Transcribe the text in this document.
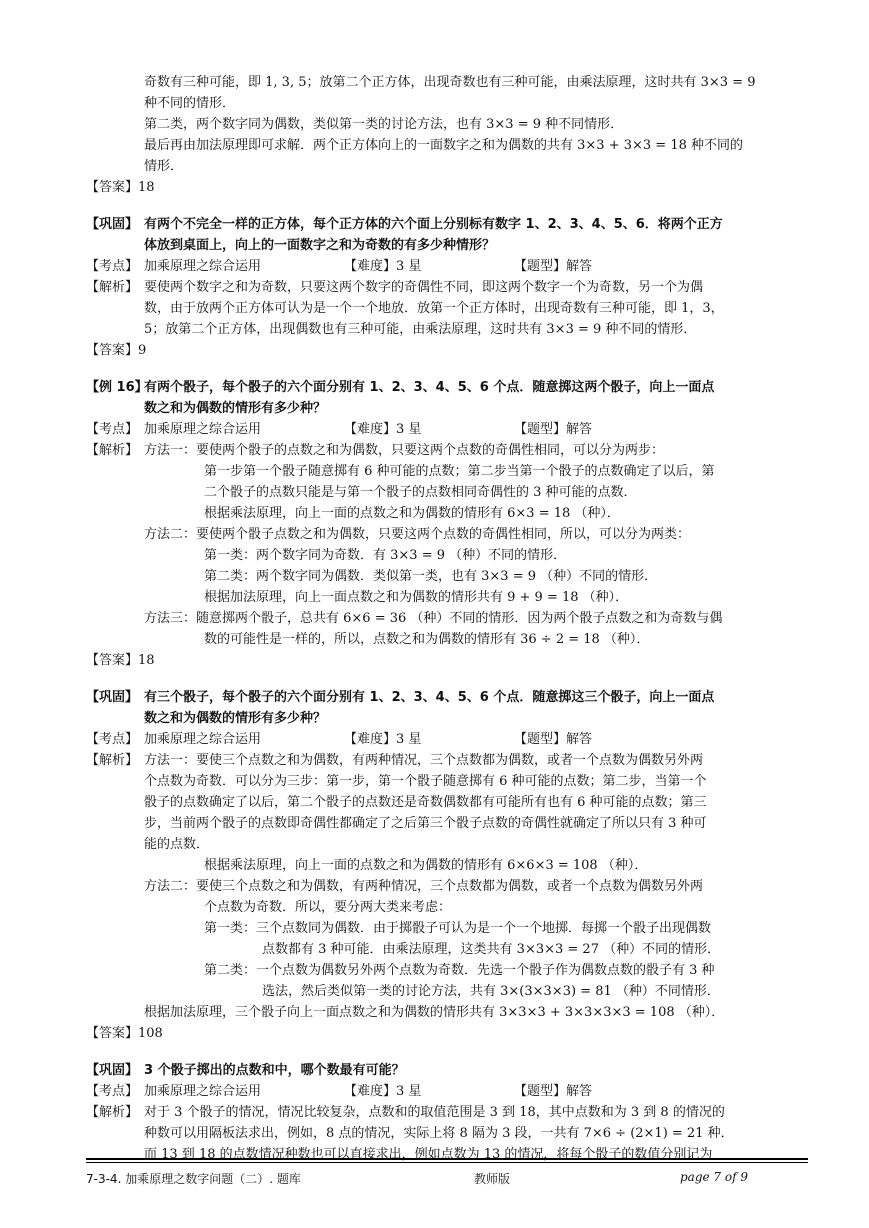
奇数有三种可能，即 1, 3, 5；放第二个正方体，出现奇数也有三种可能，由乘法原理，这时共有 3×3 = 9
种不同的情形．
第二类，两个数字同为偶数，类似第一类的讨论方法，也有 3×3 = 9 种不同情形．
最后再由加法原理即可求解．两个正方体向上的一面数字之和为偶数的共有 3×3 + 3×3 = 18 种不同的
情形．
【答案】18
【巩固】 有两个不完全一样的正方体，每个正方体的六个面上分别标有数字 1、2、3、4、5、6．将两个正方
体放到桌面上，向上的一面数字之和为奇数的有多少种情形？
【考点】 加乘原理之综合运用	【难度】3 星	【题型】解答
【解析】 要使两个数字之和为奇数，只要这两个数字的奇偶性不同，即这两个数字一个为奇数，另一个为偶
数，由于放两个正方体可认为是一个一个地放．放第一个正方体时，出现奇数有三种可能，即 1，3，
5；放第二个正方体，出现偶数也有三种可能，由乘法原理，这时共有 3×3 = 9 种不同的情形．
【答案】9
【例 16】
有两个骰子，每个骰子的六个面分别有 1、2、3、4、5、6 个点．随意掷这两个骰子，向上一面点
数之和为偶数的情形有多少种？
【考点】 加乘原理之综合运用	【难度】3 星	【题型】解答
【解析】 方法一：要使两个骰子的点数之和为偶数，只要这两个点数的奇偶性相同，可以分为两步：
第一步第一个骰子随意掷有 6 种可能的点数；第二步当第一个骰子的点数确定了以后，第
二个骰子的点数只能是与第一个骰子的点数相同奇偶性的 3 种可能的点数．
根据乘法原理，向上一面的点数之和为偶数的情形有 6×3 = 18 （种）．
方法二：要使两个骰子点数之和为偶数，只要这两个点数的奇偶性相同，所以，可以分为两类：
第一类：两个数字同为奇数．有 3×3 = 9 （种）不同的情形．
第二类：两个数字同为偶数．类似第一类，也有 3×3 = 9 （种）不同的情形．
根据加法原理，向上一面点数之和为偶数的情形共有 9 + 9 = 18 （种）．
方法三：随意掷两个骰子，总共有 6×6 = 36 （种）不同的情形．因为两个骰子点数之和为奇数与偶
数的可能性是一样的，所以，点数之和为偶数的情形有 36 ÷ 2 = 18 （种）．
【答案】18
【巩固】 有三个骰子，每个骰子的六个面分别有 1、2、3、4、5、6 个点．随意掷这三个骰子，向上一面点
数之和为偶数的情形有多少种？
【考点】 加乘原理之综合运用	【难度】3 星	【题型】解答
【解析】 方法一：要使三个点数之和为偶数，有两种情况，三个点数都为偶数，或者一个点数为偶数另外两
个点数为奇数．可以分为三步：第一步，第一个骰子随意掷有 6 种可能的点数；第二步，当第一个
骰子的点数确定了以后，第二个骰子的点数还是奇数偶数都有可能所有也有 6 种可能的点数；第三
步，当前两个骰子的点数即奇偶性都确定了之后第三个骰子点数的奇偶性就确定了所以只有 3 种可
能的点数．
根据乘法原理，向上一面的点数之和为偶数的情形有 6×6×3 = 108 （种）．
方法二：要使三个点数之和为偶数，有两种情况，三个点数都为偶数，或者一个点数为偶数另外两
个点数为奇数．所以，要分两大类来考虑：
第一类：三个点数同为偶数．由于掷骰子可认为是一个一个地掷．每掷一个骰子出现偶数
点数都有 3 种可能．由乘法原理，这类共有 3×3×3 = 27 （种）不同的情形．
第二类：一个点数为偶数另外两个点数为奇数．先选一个骰子作为偶数点数的骰子有 3 种
选法，然后类似第一类的讨论方法，共有 3×(3×3×3) = 81 （种）不同情形．
根据加法原理，三个骰子向上一面点数之和为偶数的情形共有 3×3×3 + 3×3×3×3 = 108 （种）．
【答案】108
【巩固】 3 个骰子掷出的点数和中，哪个数最有可能？
【考点】 加乘原理之综合运用	【难度】3 星	【题型】解答
【解析】 对于 3 个骰子的情况，情况比较复杂，点数和的取值范围是 3 到 18，其中点数和为 3 到 8 的情况的
种数可以用隔板法求出，例如，8 点的情况，实际上将 8 隔为 3 段，一共有 7×6 ÷ (2×1) = 21 种．
而 13 到 18 的点数情况种数也可以直接求出，例如点数为 13 的情况，将每个骰子的数值分别记为
7-3-4. 加乘原理之数字问题（二）. 题库	教师版	page 7 of 9
